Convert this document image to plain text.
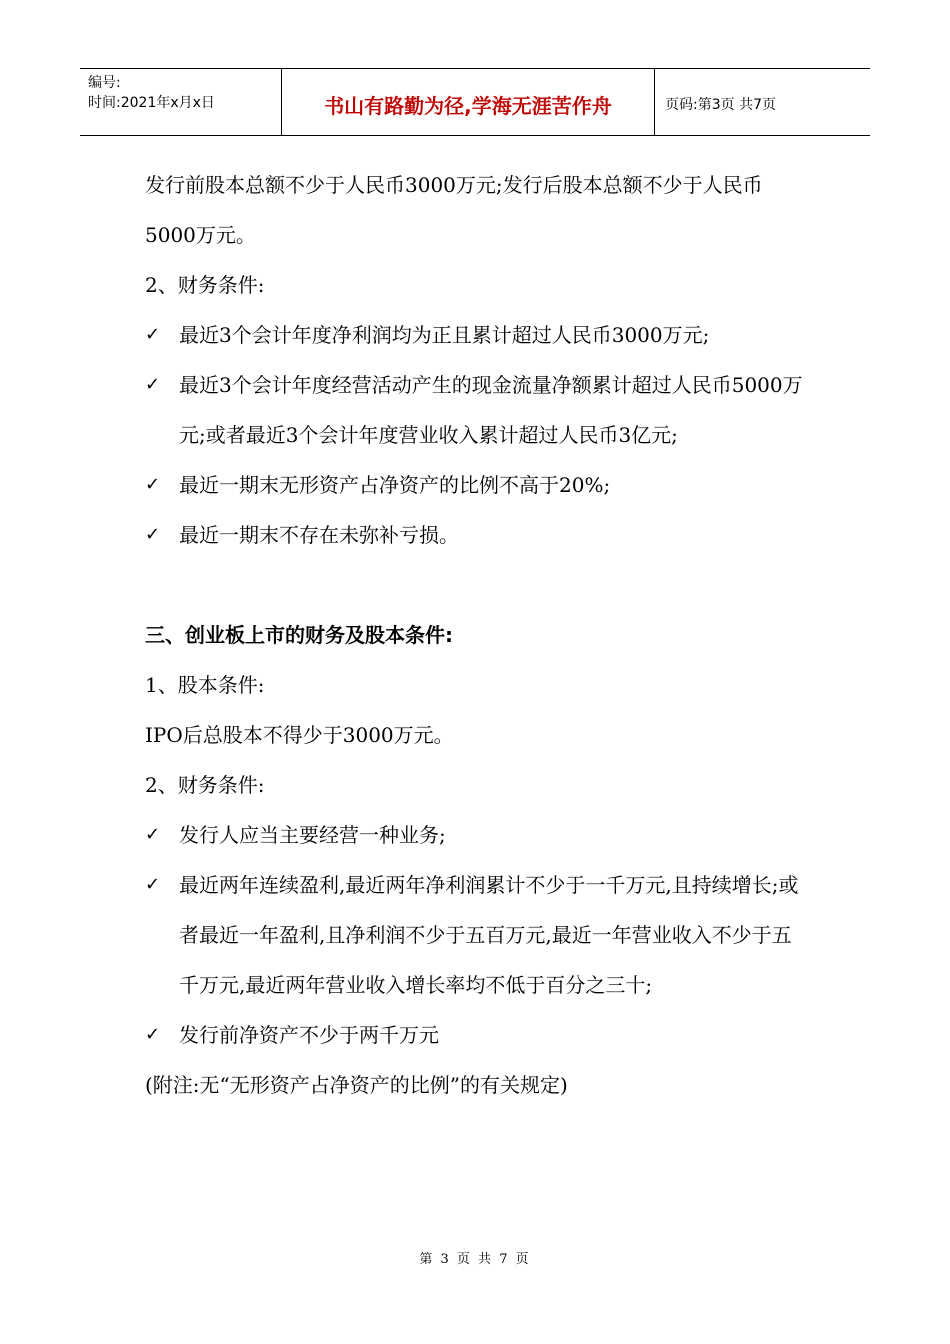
编号:
时间:2021年x月x日	书山有路勤为径,学海无涯苦作舟	页码:第3页 共7页

发行前股本总额不少于人民币3000万元;发行后股本总额不少于人民币5000万元。

2、财务条件:

✓ 最近3个会计年度净利润均为正且累计超过人民币3000万元;
✓ 最近3个会计年度经营活动产生的现金流量净额累计超过人民币5000万元;或者最近3个会计年度营业收入累计超过人民币3亿元;
✓ 最近一期末无形资产占净资产的比例不高于20%;
✓ 最近一期末不存在未弥补亏损。
三、创业板上市的财务及股本条件:

1、股本条件:

IPO后总股本不得少于3000万元。

2、财务条件:

✓ 发行人应当主要经营一种业务;
✓ 最近两年连续盈利,最近两年净利润累计不少于一千万元,且持续增长;或者最近一年盈利,且净利润不少于五百万元,最近一年营业收入不少于五千万元,最近两年营业收入增长率均不低于百分之三十;
✓ 发行前净资产不少于两千万元

(附注:无“无形资产占净资产的比例”的有关规定)

第 3 页 共 7 页
